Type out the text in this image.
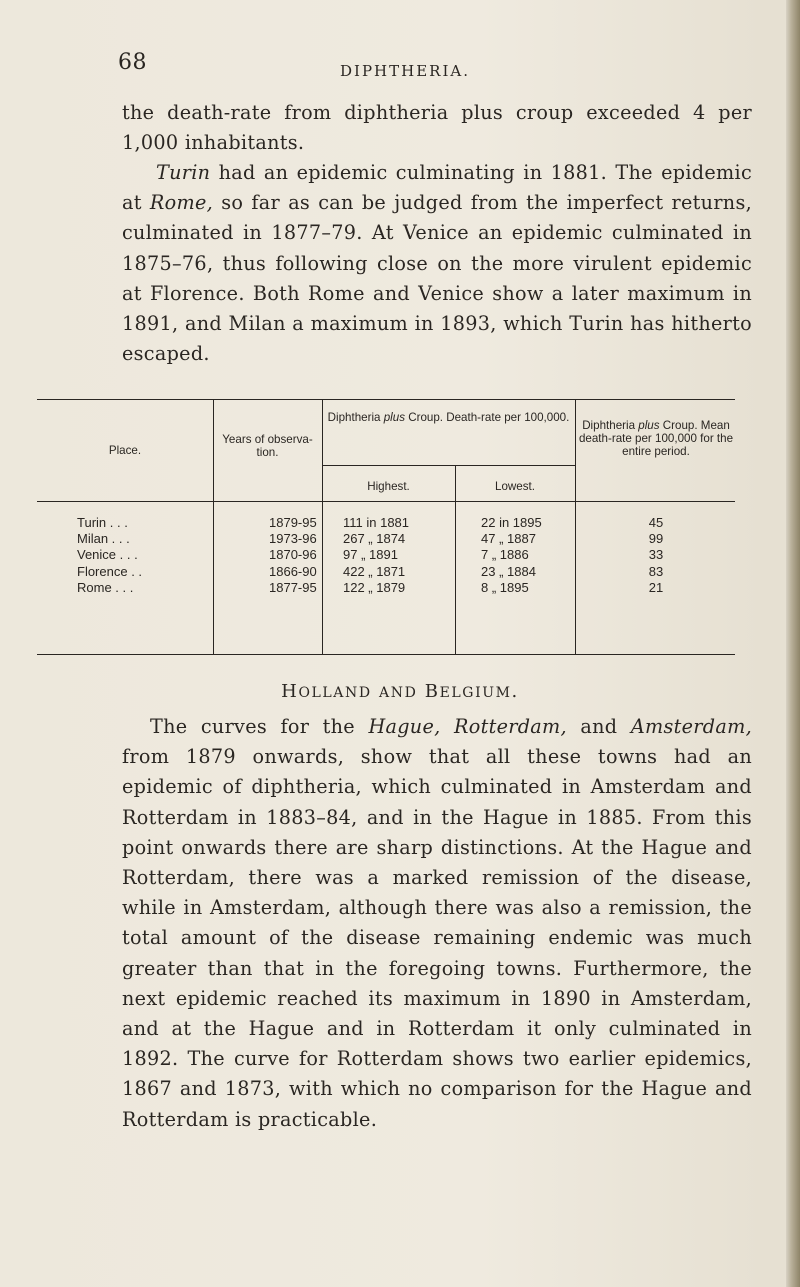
68	DIPHTHERIA.

the death-rate from diphtheria plus croup exceeded 4 per 1,000 inhabitants.

Turin had an epidemic culminating in 1881. The epidemic at Rome, so far as can be judged from the imperfect returns, culminated in 1877–79. At Venice an epidemic culminated in 1875–76, thus following close on the more virulent epidemic at Florence. Both Rome and Venice show a later maximum in 1891, and Milan a maximum in 1893, which Turin has hitherto escaped.

Place.
Years of observa-tion.
Diphtheria plus Croup. Death-rate per 100,000.
Highest.	Lowest.
Diphtheria plus Croup. Mean death-rate per 100,000 for the entire period.
Turin . . .	1879-95 111 in 1881	22 in 1895	45
Milan . . .	1973-96 267 „ 1874	47 „ 1887	99
Venice . . .	1870-96 97 „ 1891	7 „ 1886	33
Florence . .	1866-90 422 „ 1871	23 „ 1884	83
Rome . . .	1877-95 122 „ 1879	8 „ 1895	21
HOLLAND AND BELGIUM.

The curves for the Hague, Rotterdam, and Amsterdam, from 1879 onwards, show that all these towns had an epidemic of diphtheria, which culminated in Amsterdam and Rotterdam in 1883–84, and in the Hague in 1885. From this point onwards there are sharp distinctions. At the Hague and Rotterdam, there was a marked remission of the disease, while in Amsterdam, although there was also a remission, the total amount of the disease remaining endemic was much greater than that in the foregoing towns. Furthermore, the next epidemic reached its maximum in 1890 in Amsterdam, and at the Hague and in Rotterdam it only culminated in 1892. The curve for Rotterdam shows two earlier epidemics, 1867 and 1873, with which no comparison for the Hague and Rotterdam is practicable.
